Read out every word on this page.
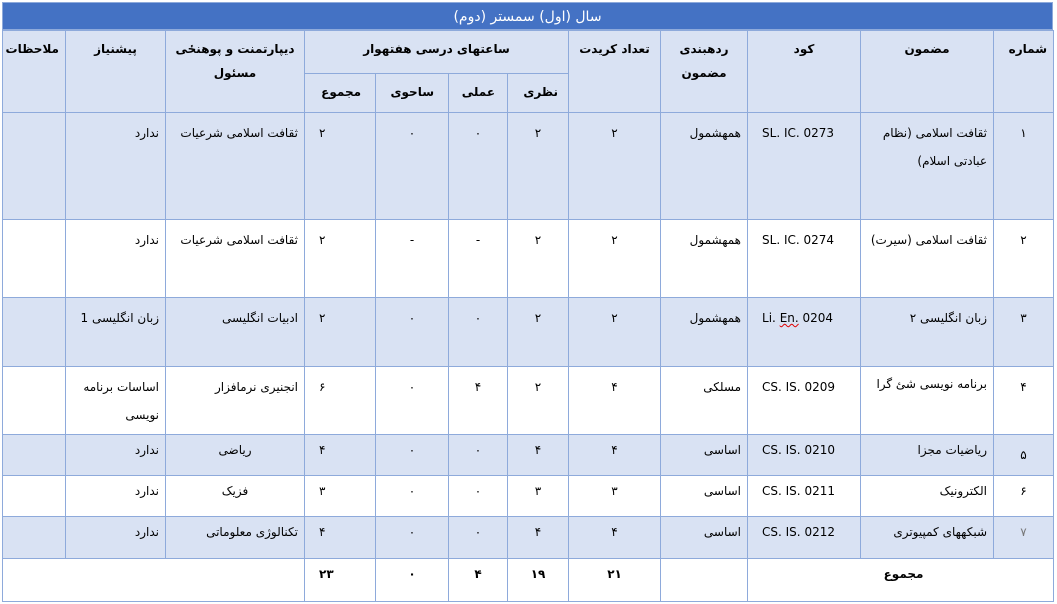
سال (اول) سمستر (دوم)
شماره	مضمون	کود	ردهبندی مضمون	تعداد کریدت	ساعتهای درسی هفتهوار				دیپارتمنت و پوهنځی مسئول	پیشنیاز	ملاحظات
					نظری	عملی	ساحوی	مجموع			
۱	ثقافت اسلامی (نظام عبادتی اسلام)	SL. IC. 0273	همهشمول	۲	۲	۰	۰	۲	ثقافت اسلامی شرعیات	ندارد	
۲	ثقافت اسلامی (سیرت)	SL. IC. 0274	همهشمول	۲	۲	-	-	۲	ثقافت اسلامی شرعیات	ندارد	
۳	زبان انگلیسی ۲	Li. En. 0204	همهشمول	۲	۲	۰	۰	۲	ادبیات انگلیسی	زبان انگلیسی 1	
۴	برنامه نویسی شئ گرا	CS. IS. 0209	مسلکی	۴	۲	۴	۰	۶	انجنیری نرمافزار	اساسات برنامه نویسی	
۵	ریاضیات مجزا	CS. IS. 0210	اساسی	۴	۴	۰	۰	۴	ریاضی	ندارد	
۶	الکترونیک	CS. IS. 0211	اساسی	۳	۳	۰	۰	۳	فزیک	ندارد	
۷	شبکههای کمپیوتری	CS. IS. 0212	اساسی	۴	۴	۰	۰	۴	تکنالوژی معلوماتی	ندارد	
مجموع				۲۱	۱۹	۴	۰	۲۳			
